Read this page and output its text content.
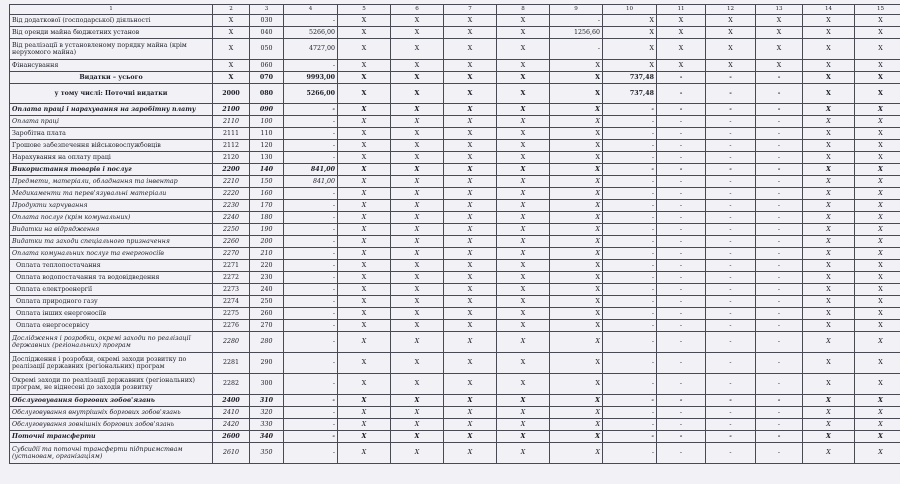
1	2	3	4	5	6	7	8	9	10	11	12	13	14	15
Від додаткової (господарської) діяльності	X	030	-	X	X	X	X	-	X	X	X	X	X	X
Від оренди майна бюджетних установ	X	040	5266,00	X	X	X	X	1256,60	X	X	X	X	X	X
Від реалізації в установленому порядку майна (крім нерухомого майна)	X	050	4727,00	X	X	X	X	-	X	X	X	X	X	X
Фінансування	X	060	-	X	X	X	X	X	X	X	X	X	X	X
Видатки – усього	X	070	9993,00	X	X	X	X	X	737,48	-	-	-	X	X
у тому числі: Поточні видатки	2000	080	5266,00	X	X	X	X	X	737,48	-	-	-	X	X
Оплата праці і нарахування на заробітну плату	2100	090	-	X	X	X	X	X	-	-	-	-	X	X
Оплата праці	2110	100	-	X	X	X	X	X	-	-	-	-	X	X
Заробітна плата	2111	110	-	X	X	X	X	X	-	-	-	-	X	X
Грошове забезпечення військовослужбовців	2112	120	-	X	X	X	X	X	-	-	-	-	X	X
Нарахування на оплату праці	2120	130	-	X	X	X	X	X	-	-	-	-	X	X
Використання товарів і послуг	2200	140	841,00	X	X	X	X	X	-	-	-	-	X	X
Предмети, матеріали, обладнання та інвентар	2210	150	841,00	X	X	X	X	X	-	-	-	-	X	X
Медикаменти та перев'язувальні матеріали	2220	160	-	X	X	X	X	X	-	-	-	-	X	X
Продукти харчування	2230	170	-	X	X	X	X	X	-	-	-	-	X	X
Оплата послуг (крім комунальних)	2240	180	-	X	X	X	X	X	-	-	-	-	X	X
Видатки на відрядження	2250	190	-	X	X	X	X	X	-	-	-	-	X	X
Видатки та заходи спеціального призначення	2260	200	-	X	X	X	X	X	-	-	-	-	X	X
Оплата комунальних послуг та енергоносіїв	2270	210	-	X	X	X	X	X	-	-	-	-	X	X
Оплата теплопостачання	2271	220	-	X	X	X	X	X	-	-	-	-	X	X
Оплата водопостачання та водовідведення	2272	230	-	X	X	X	X	X	-	-	-	-	X	X
Оплата електроенергії	2273	240	-	X	X	X	X	X	-	-	-	-	X	X
Оплата природного газу	2274	250	-	X	X	X	X	X	-	-	-	-	X	X
Оплата інших енергоносіїв	2275	260	-	X	X	X	X	X	-	-	-	-	X	X
Оплата енергосервісу	2276	270	-	X	X	X	X	X	-	-	-	-	X	X
Дослідження і розробки, окремі заходи по реалізації державних (регіональних) програм	2280	280	-	X	X	X	X	X	-	-	-	-	X	X
Дослідження і розробки, окремі заходи розвитку по реалізації державних (регіональних) програм	2281	290	-	X	X	X	X	X	-	-	-	-	X	X
Окремі заходи по реалізації державних (регіональних) програм, не віднесені до заходів розвитку	2282	300	-	X	X	X	X	X	-	-	-	-	X	X
Обслуговування боргових зобов'язань	2400	310	-	X	X	X	X	X	-	-	-	-	X	X
Обслуговування внутрішніх боргових зобов'язань	2410	320	-	X	X	X	X	X	-	-	-	-	X	X
Обслуговування зовнішніх боргових зобов'язань	2420	330	-	X	X	X	X	X	-	-	-	-	X	X
Поточні трансферти	2600	340	-	X	X	X	X	X	-	-	-	-	X	X
Субсидії та поточні трансферти підприємствам (установам, організаціям)	2610	350	-	X	X	X	X	X	-	-	-	-	X	X
